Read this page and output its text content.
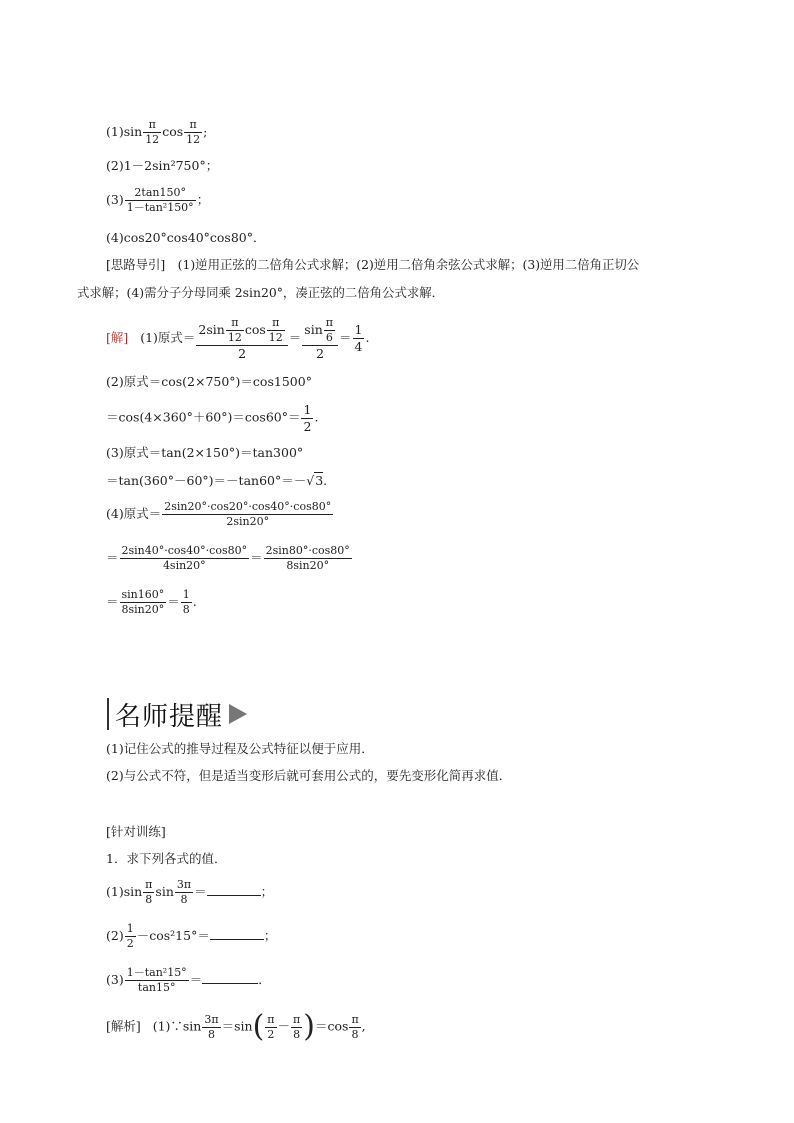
$(1)\sin \frac{\pi}{12}$ $\cos \frac{\pi}{12}$ ;
(2)1－2sin²750°；
$(3) \frac{2\tan 150^\circ}{\text{1－tan²150°}}$ ；
(4)cos20°cos40°cos80°．
[思路导引]　(1)逆用正弦的二倍角公式求解；(2)逆用二倍角余弦公式求解；(3)逆用二倍角正切公
式求解；(4)需分子分母同乘 2sin20°，凑正弦的二倍角公式求解．
[解] (1)原式＝ $\frac{2\sin \frac{\pi}{12} \cos \frac{\pi}{12}}{2} = \frac{\sin \frac{\pi}{6}}{2} = \frac{1}{4}$ .
(2)原式＝cos(2×750°)＝cos1500°
$=\cos(4\times 360^\circ+60^\circ)=\cos 60^\circ= \frac{1}{2}$ .
(3)原式＝tan(2×150°)＝tan300°
＝tan(360°－60°)＝－tan60°＝－√3.
(4)原式＝ $\frac{2\sin 20^\circ\cdot\cos 20^\circ\cdot\cos 40^\circ\cdot\cos 80^\circ}{2\sin 20^\circ}$
＝ $\frac{2\sin 40^\circ\cdot\cos 40^\circ\cdot\cos 80^\circ}{4\sin 20^\circ} = \frac{2\sin 80^\circ\cdot\cos 80^\circ}{8\sin 20^\circ}$
＝ $\frac{\sin 160^\circ}{8\sin 20^\circ} = \frac{1}{8}$ .
名师提醒
(1)记住公式的推导过程及公式特征以便于应用．
(2)与公式不符，但是适当变形后就可套用公式的，要先变形化简再求值．
[针对训练]
1．求下列各式的值．
$(1)\sin \frac{\pi}{8}$ $\sin \frac{3\pi}{8}$ ＝	；
$(2) \frac{1}{2} -\cos^215^\circ=$	；
$(3) \frac{\text{1－tan²15°}}{\tan 15^\circ}$ ＝	．
[解析] (1)∵sin $\frac{3\pi}{8} =\sin( \frac{\pi}{2} - \frac{\pi}{8} )=\cos \frac{\pi}{8}$ ,
